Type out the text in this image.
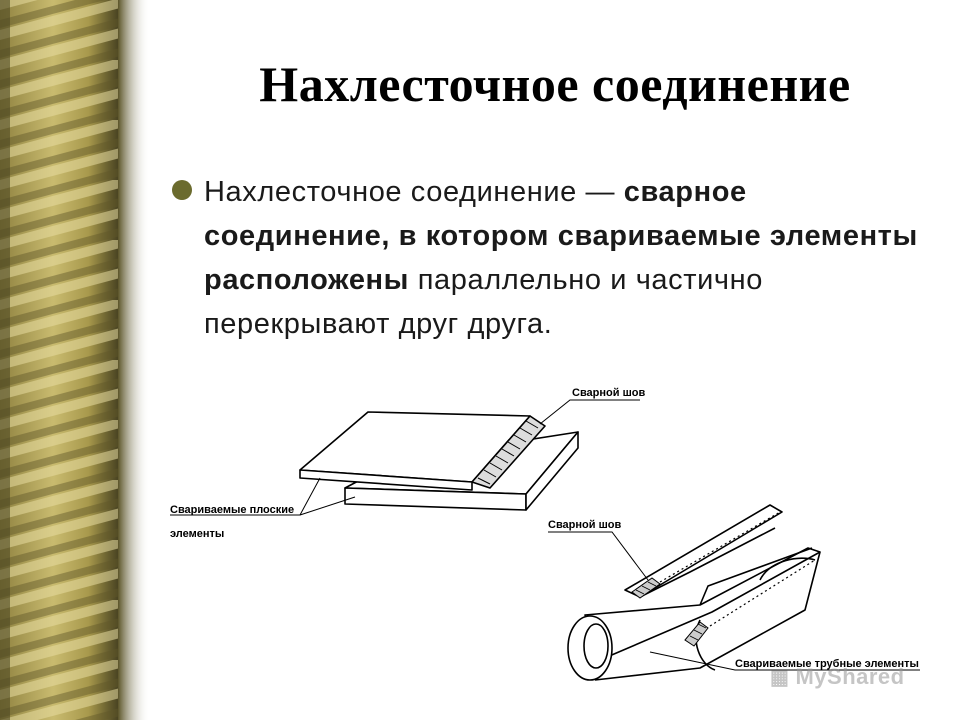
Нахлесточное соединение
Нахлесточное соединение — сварное соединение, в котором свариваемые элементы расположены параллельно и частично перекрывают друг друга.
Сварной шов
Свариваемые плоские
элементы
Сварной шов
Свариваемые трубные элементы
▦ MyShared
